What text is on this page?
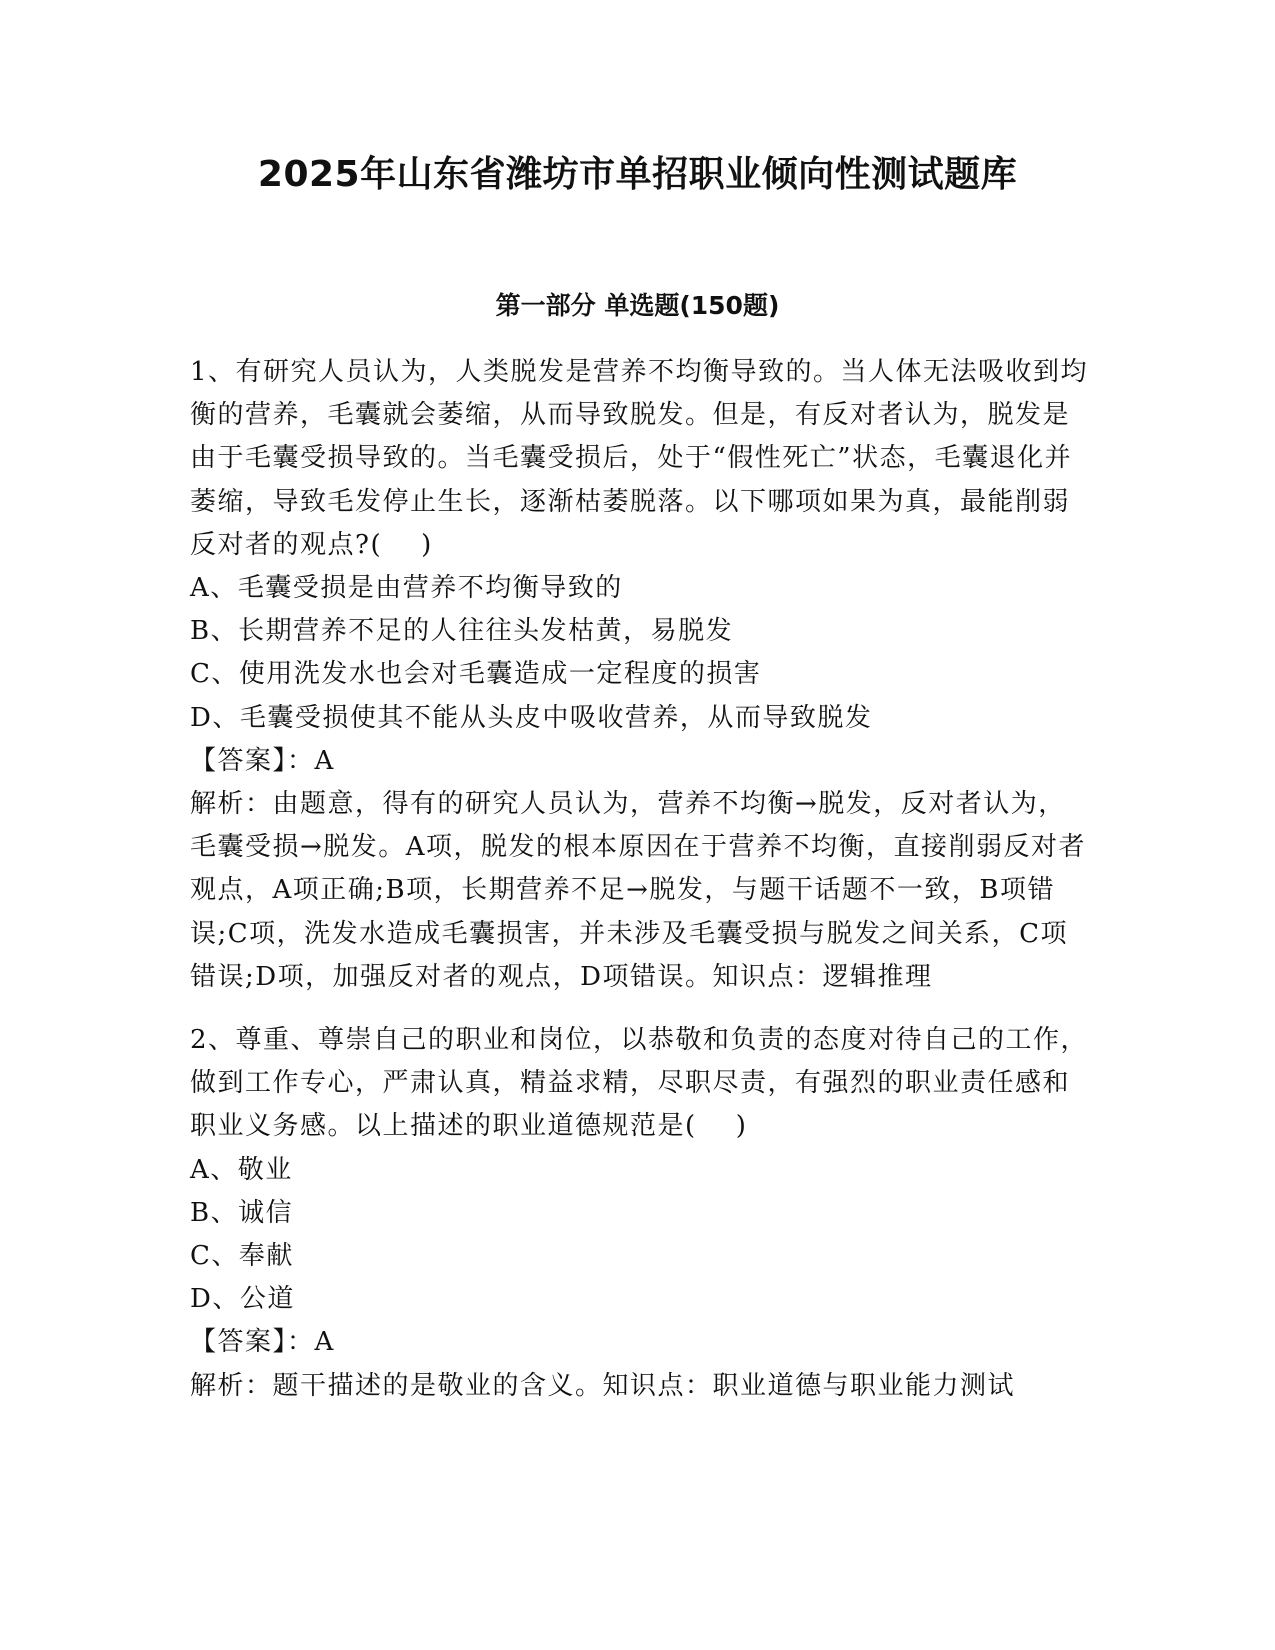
2025年山东省潍坊市单招职业倾向性测试题库
第一部分 单选题(150题)

1、有研究人员认为，人类脱发是营养不均衡导致的。当人体无法吸收到均衡的营养，毛囊就会萎缩，从而导致脱发。但是，有反对者认为，脱发是由于毛囊受损导致的。当毛囊受损后，处于“假性死亡”状态，毛囊退化并萎缩，导致毛发停止生长，逐渐枯萎脱落。以下哪项如果为真，最能削弱反对者的观点?(    )

A、毛囊受损是由营养不均衡导致的

B、长期营养不足的人往往头发枯黄，易脱发

C、使用洗发水也会对毛囊造成一定程度的损害

D、毛囊受损使其不能从头皮中吸收营养，从而导致脱发

【答案】：A

解析：由题意，得有的研究人员认为，营养不均衡→脱发，反对者认为，毛囊受损→脱发。A项，脱发的根本原因在于营养不均衡，直接削弱反对者观点，A项正确;B项，长期营养不足→脱发，与题干话题不一致，B项错误;C项，洗发水造成毛囊损害，并未涉及毛囊受损与脱发之间关系，C项错误;D项，加强反对者的观点，D项错误。知识点：逻辑推理

2、尊重、尊崇自己的职业和岗位，以恭敬和负责的态度对待自己的工作，做到工作专心，严肃认真，精益求精，尽职尽责，有强烈的职业责任感和职业义务感。以上描述的职业道德规范是(    )

A、敬业

B、诚信

C、奉献

D、公道

【答案】：A

解析：题干描述的是敬业的含义。知识点：职业道德与职业能力测试
